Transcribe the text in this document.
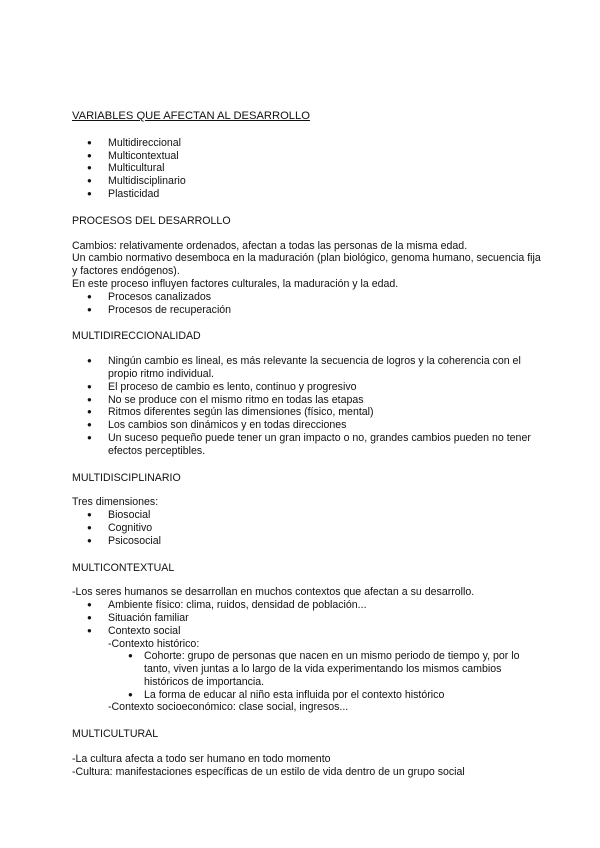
VARIABLES QUE AFECTAN AL DESARROLLO
● Multidireccional
● Multicontextual
● Multicultural
● Multidisciplinario
● Plasticidad
PROCESOS DEL DESARROLLO

Cambios: relativamente ordenados, afectan a todas las personas de la misma edad.

Un cambio normativo desemboca en la maduración (plan biológico, genoma humano, secuencia fija y factores endógenos).

En este proceso influyen factores culturales, la maduración y la edad.

● Procesos canalizados
● Procesos de recuperación
MULTIDIRECCIONALIDAD
● Ningún cambio es lineal, es más relevante la secuencia de logros y la coherencia con el propio ritmo individual.
● El proceso de cambio es lento, continuo y progresivo
● No se produce con el mismo ritmo en todas las etapas
● Ritmos diferentes según las dimensiones (físico, mental)
● Los cambios son dinámicos y en todas direcciones
● Un suceso pequeño puede tener un gran impacto o no, grandes cambios pueden no tener efectos perceptibles.
MULTIDISCIPLINARIO

Tres dimensiones:

● Biosocial
● Cognitivo
● Psicosocial
MULTICONTEXTUAL

-Los seres humanos se desarrollan en muchos contextos que afectan a su desarrollo.

● Ambiente físico: clima, ruidos, densidad de población...
● Situación familiar
● Contexto social

-Contexto histórico:

● Cohorte: grupo de personas que nacen en un mismo periodo de tiempo y, por lo tanto, viven juntas a lo largo de la vida experimentando los mismos cambios históricos de importancia.
● La forma de educar al niño esta influida por el contexto histórico

-Contexto socioeconómico: clase social, ingresos...

MULTICULTURAL

-La cultura afecta a todo ser humano en todo momento

-Cultura: manifestaciones específicas de un estilo de vida dentro de un grupo social
